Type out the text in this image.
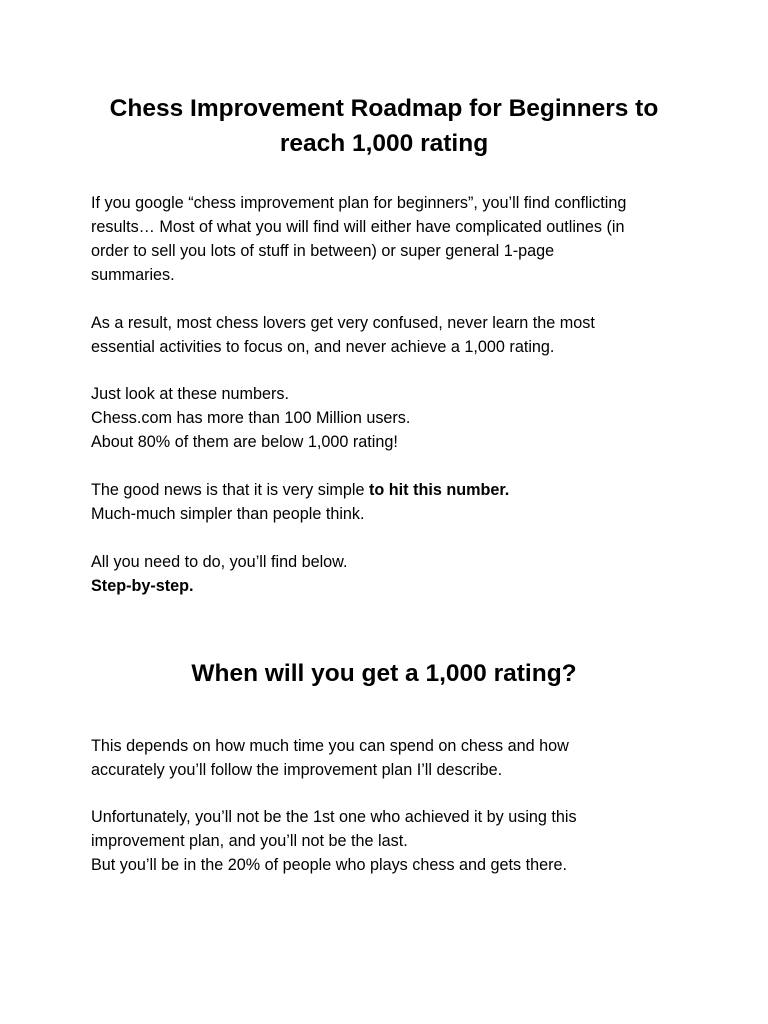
Chess Improvement Roadmap for Beginners to
reach 1,000 rating

If you google “chess improvement plan for beginners”, you’ll find conflicting
results… Most of what you will find will either have complicated outlines (in
order to sell you lots of stuff in between) or super general 1-page
summaries.

As a result, most chess lovers get very confused, never learn the most
essential activities to focus on, and never achieve a 1,000 rating.

Just look at these numbers.
Chess.com has more than 100 Million users.
About 80% of them are below 1,000 rating!

The good news is that it is very simple to hit this number.
Much-much simpler than people think.

All you need to do, you’ll find below.
Step-by-step.

When will you get a 1,000 rating?

This depends on how much time you can spend on chess and how
accurately you’ll follow the improvement plan I’ll describe.

Unfortunately, you’ll not be the 1st one who achieved it by using this
improvement plan, and you’ll not be the last.
But you’ll be in the 20% of people who plays chess and gets there.
